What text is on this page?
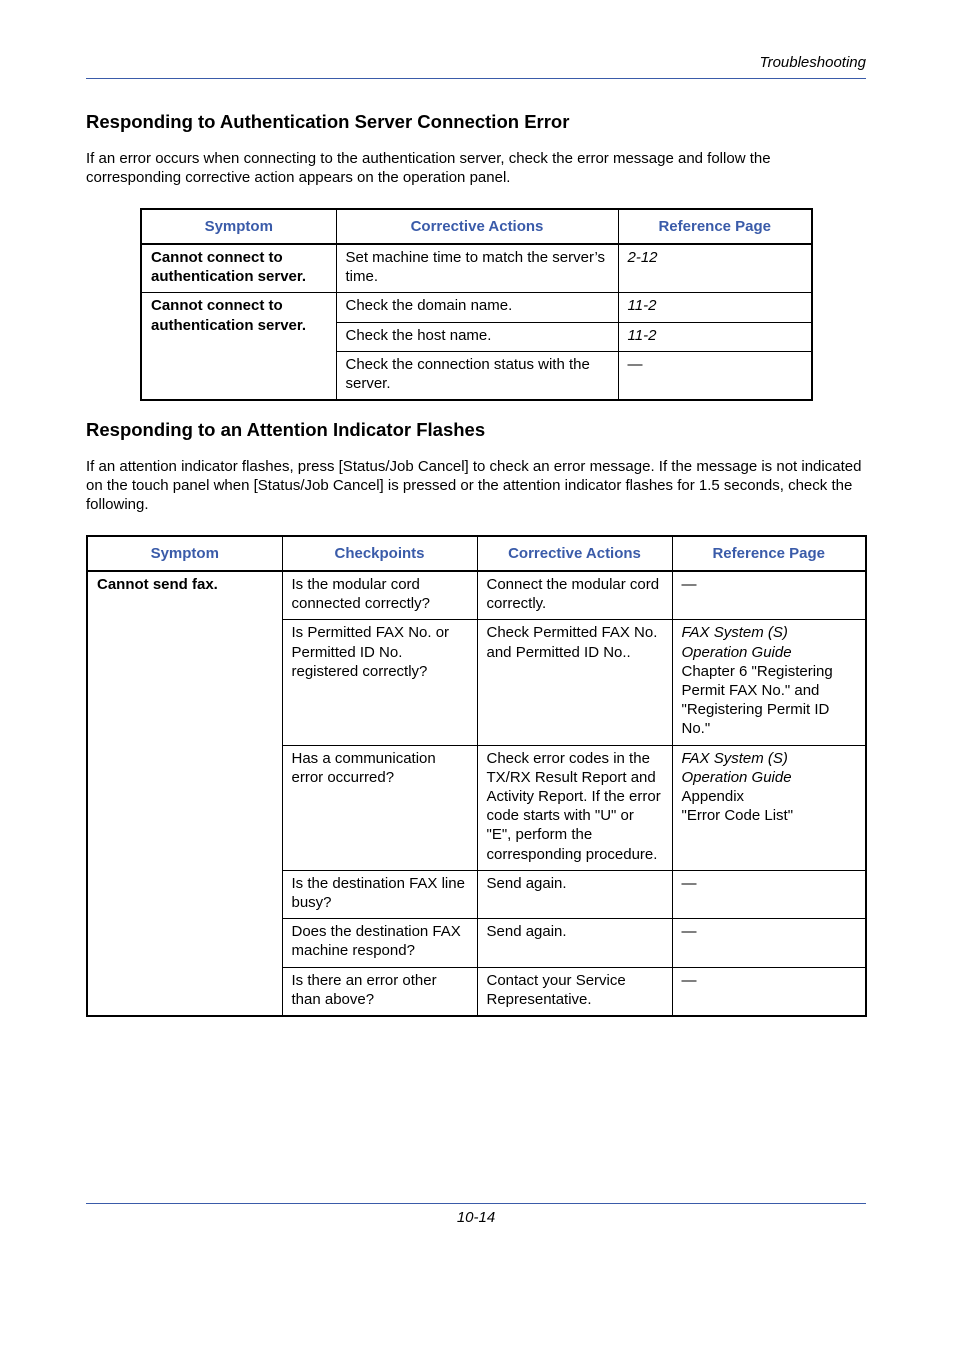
Troubleshooting
Responding to Authentication Server Connection Error

If an error occurs when connecting to the authentication server, check the error message and follow the corresponding corrective action appears on the operation panel.

Symptom	Corrective Actions	Reference Page
Cannot connect to authentication server.	Set machine time to match the server’s time.	2-12
Cannot connect to authentication server.	Check the domain name.	11-2
	Check the host name.	11-2
	Check the connection status with the server.	—
Responding to an Attention Indicator Flashes

If an attention indicator flashes, press [Status/Job Cancel] to check an error message. If the message is not indicated on the touch panel when [Status/Job Cancel] is pressed or the attention indicator flashes for 1.5 seconds, check the following.

Symptom	Checkpoints	Corrective Actions	Reference Page
Cannot send fax.	Is the modular cord connected correctly?	Connect the modular cord correctly.	—
	Is Permitted FAX No. or Permitted ID No. registered correctly?	Check Permitted FAX No. and Permitted ID No..	FAX System (S)
Operation Guide
Chapter 6 "Registering Permit FAX No." and "Registering Permit ID No."

	Has a communication error occurred?	Check error codes in the TX/RX Result Report and Activity Report. If the error code starts with "U" or "E", perform the corresponding procedure.	FAX System (S)
Operation Guide
Appendix
"Error Code List"

	Is the destination FAX line busy?	Send again.	—
	Does the destination FAX machine respond?	Send again.	—
	Is there an error other than above?	Contact your Service Representative.	—
10-14
